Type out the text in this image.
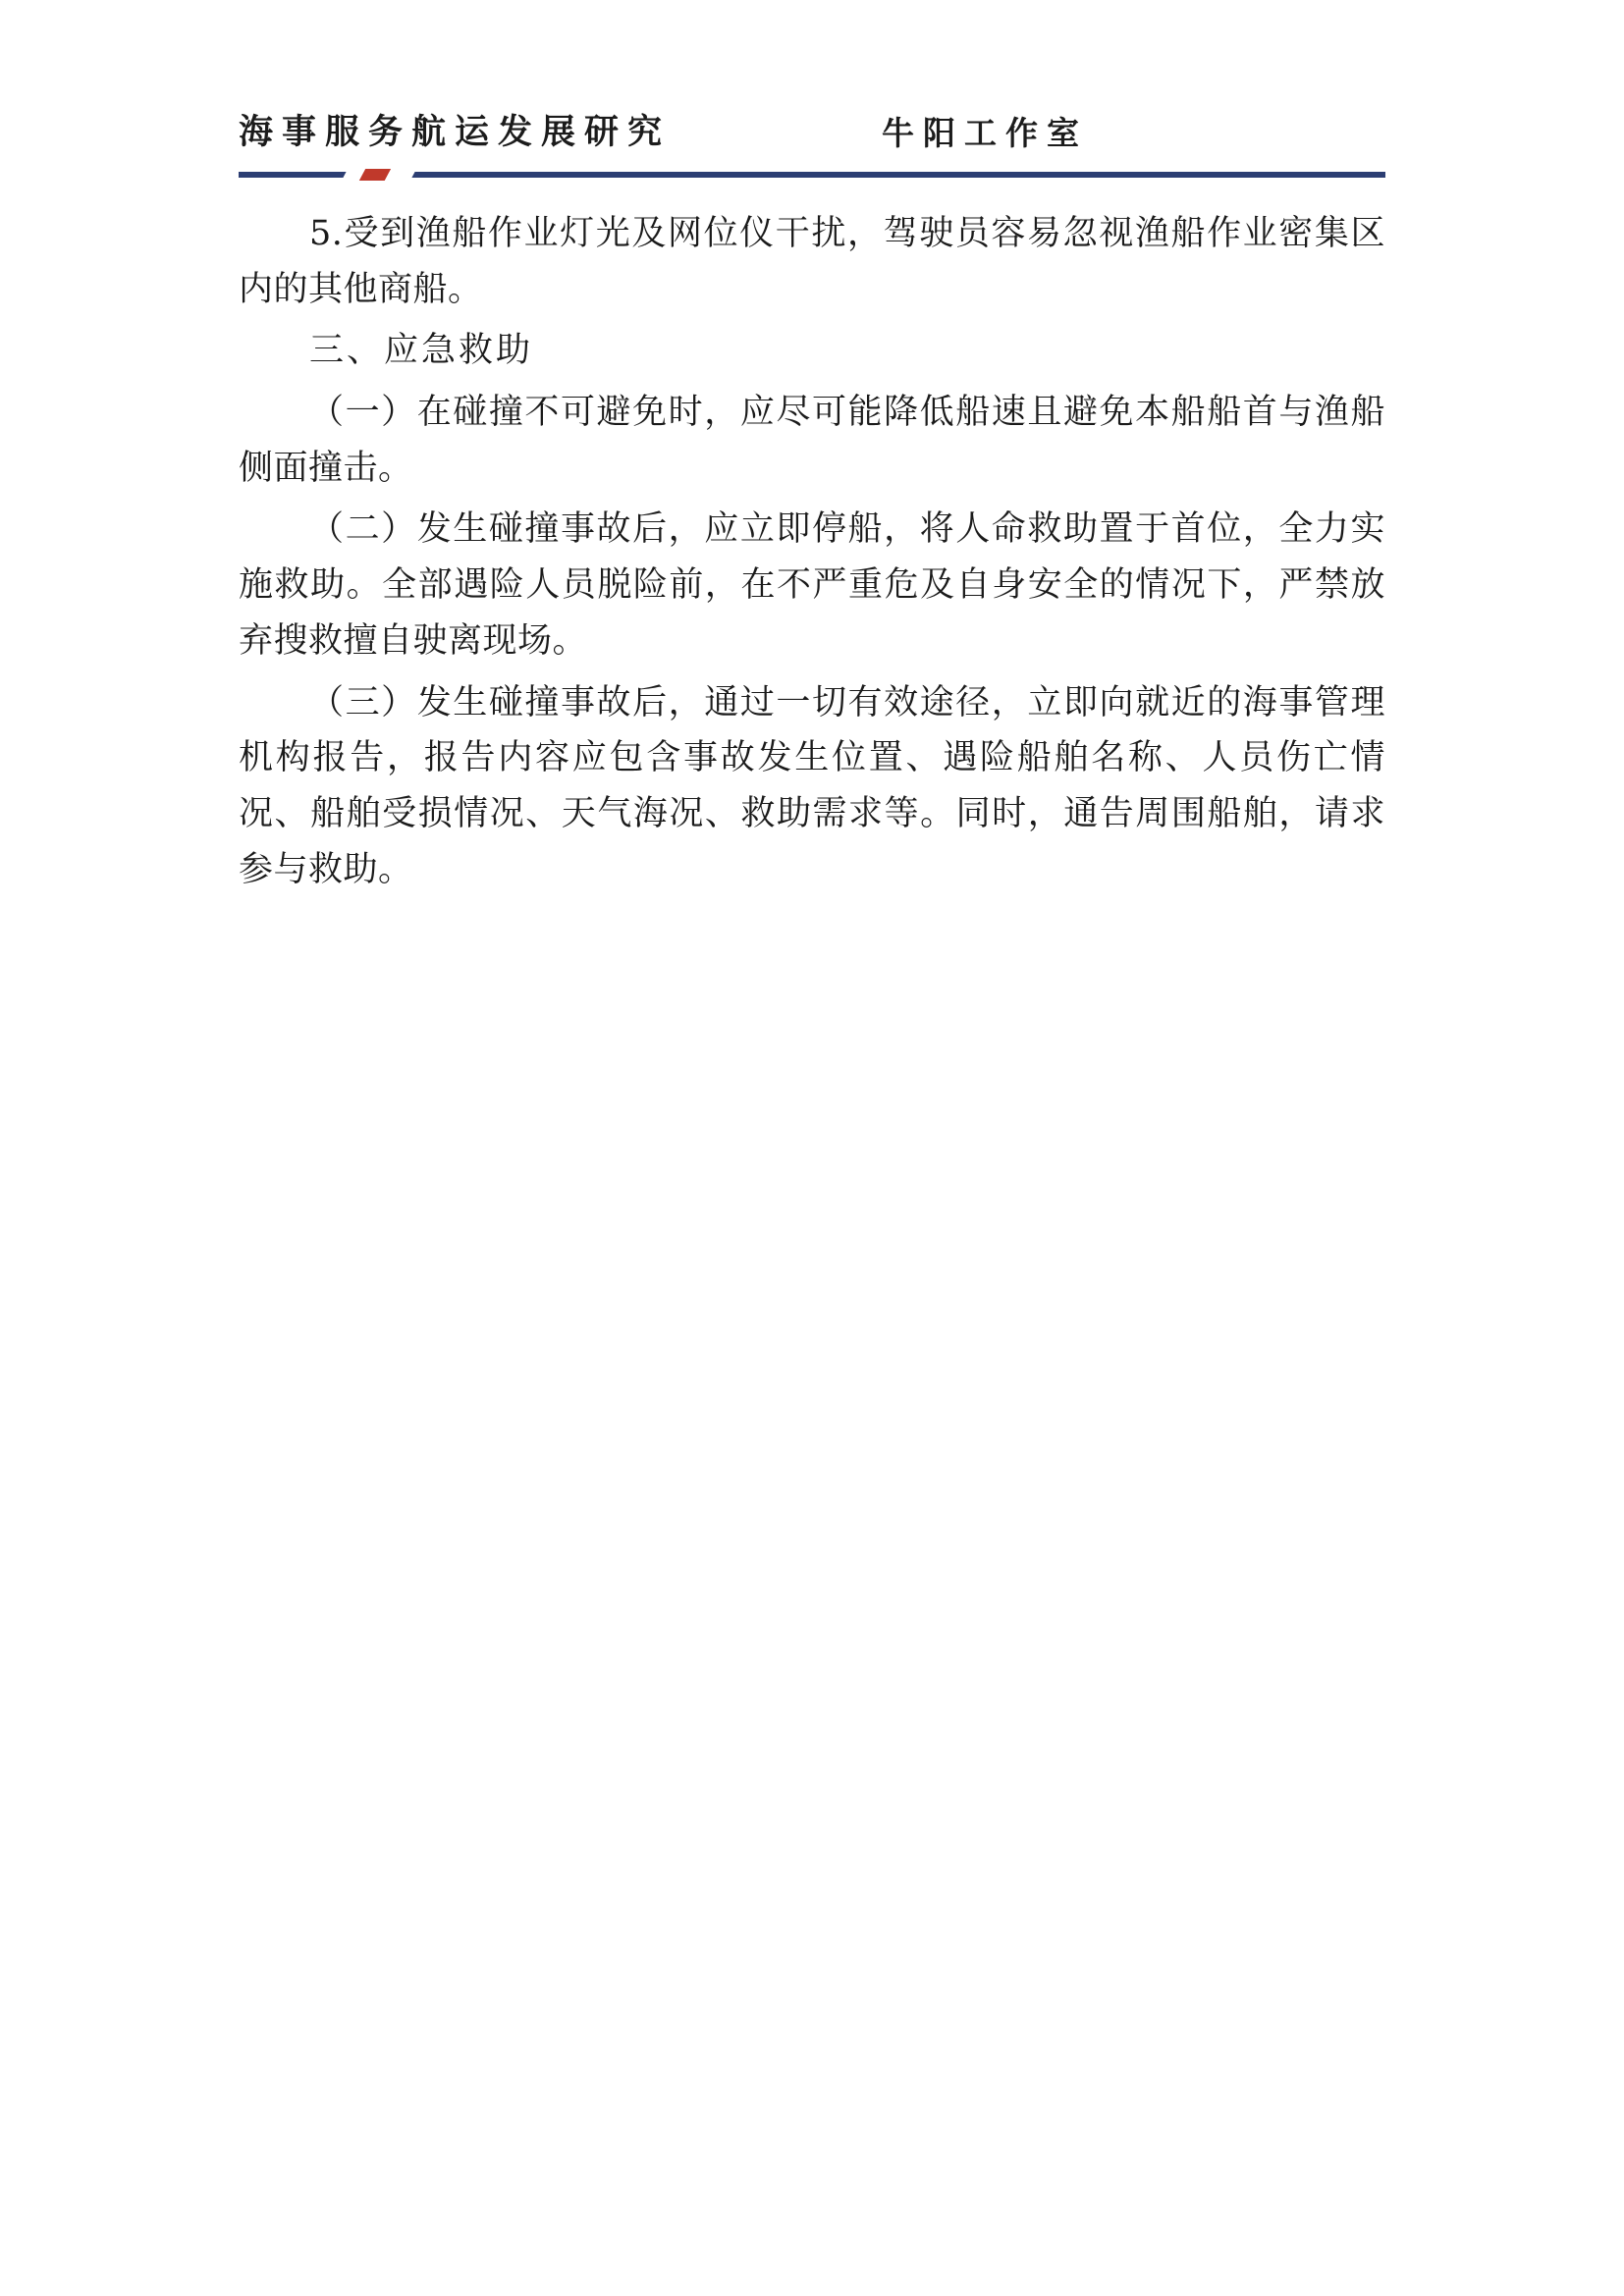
海事服务航运发展研究	牛阳工作室

5.受到渔船作业灯光及网位仪干扰，驾驶员容易忽视渔船作业密集区内的其他商船。

三、应急救助

（一）在碰撞不可避免时，应尽可能降低船速且避免本船船首与渔船侧面撞击。

（二）发生碰撞事故后，应立即停船，将人命救助置于首位，全力实施救助。全部遇险人员脱险前，在不严重危及自身安全的情况下，严禁放弃搜救擅自驶离现场。

（三）发生碰撞事故后，通过一切有效途径，立即向就近的海事管理机构报告，报告内容应包含事故发生位置、遇险船舶名称、人员伤亡情况、船舶受损情况、天气海况、救助需求等。同时，通告周围船舶，请求参与救助。
